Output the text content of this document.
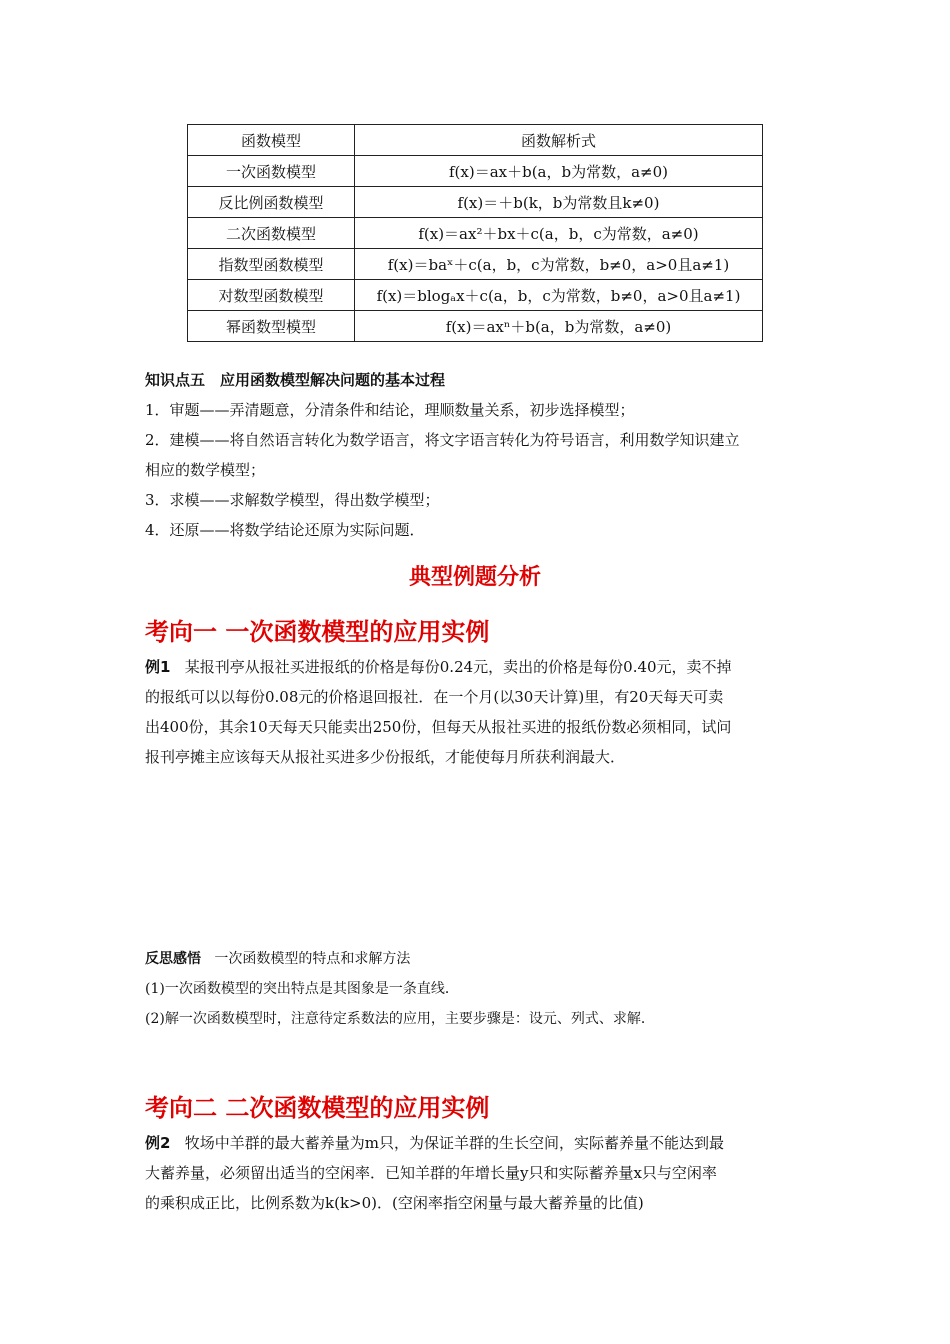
函数模型	函数解析式
一次函数模型	f(x)＝ax＋b(a，b为常数，a≠0)
反比例函数模型	f(x)＝＋b(k，b为常数且k≠0)
二次函数模型	f(x)＝ax²＋bx＋c(a，b，c为常数，a≠0)
指数型函数模型	f(x)＝baˣ＋c(a，b，c为常数，b≠0，a>0且a≠1)
对数型函数模型	f(x)＝blogₐx＋c(a，b，c为常数，b≠0，a>0且a≠1)
幂函数型模型	f(x)＝axⁿ＋b(a，b为常数，a≠0)
知识点五　应用函数模型解决问题的基本过程
1．审题——弄清题意，分清条件和结论，理顺数量关系，初步选择模型；
2．建模——将自然语言转化为数学语言，将文字语言转化为符号语言，利用数学知识建立
相应的数学模型；
3．求模——求解数学模型，得出数学模型；
4．还原——将数学结论还原为实际问题．
典型例题分析
考向一 一次函数模型的应用实例
例1 某报刊亭从报社买进报纸的价格是每份0.24元，卖出的价格是每份0.40元，卖不掉
的报纸可以以每份0.08元的价格退回报社．在一个月(以30天计算)里，有20天每天可卖
出400份，其余10天每天只能卖出250份，但每天从报社买进的报纸份数必须相同，试问
报刊亭摊主应该每天从报社买进多少份报纸，才能使每月所获利润最大．
反思感悟 一次函数模型的特点和求解方法
(1)一次函数模型的突出特点是其图象是一条直线．
(2)解一次函数模型时，注意待定系数法的应用，主要步骤是：设元、列式、求解．
考向二 二次函数模型的应用实例
例2 牧场中羊群的最大蓄养量为m只，为保证羊群的生长空间，实际蓄养量不能达到最
大蓄养量，必须留出适当的空闲率．已知羊群的年增长量y只和实际蓄养量x只与空闲率
的乘积成正比，比例系数为k(k>0)．(空闲率指空闲量与最大蓄养量的比值)
